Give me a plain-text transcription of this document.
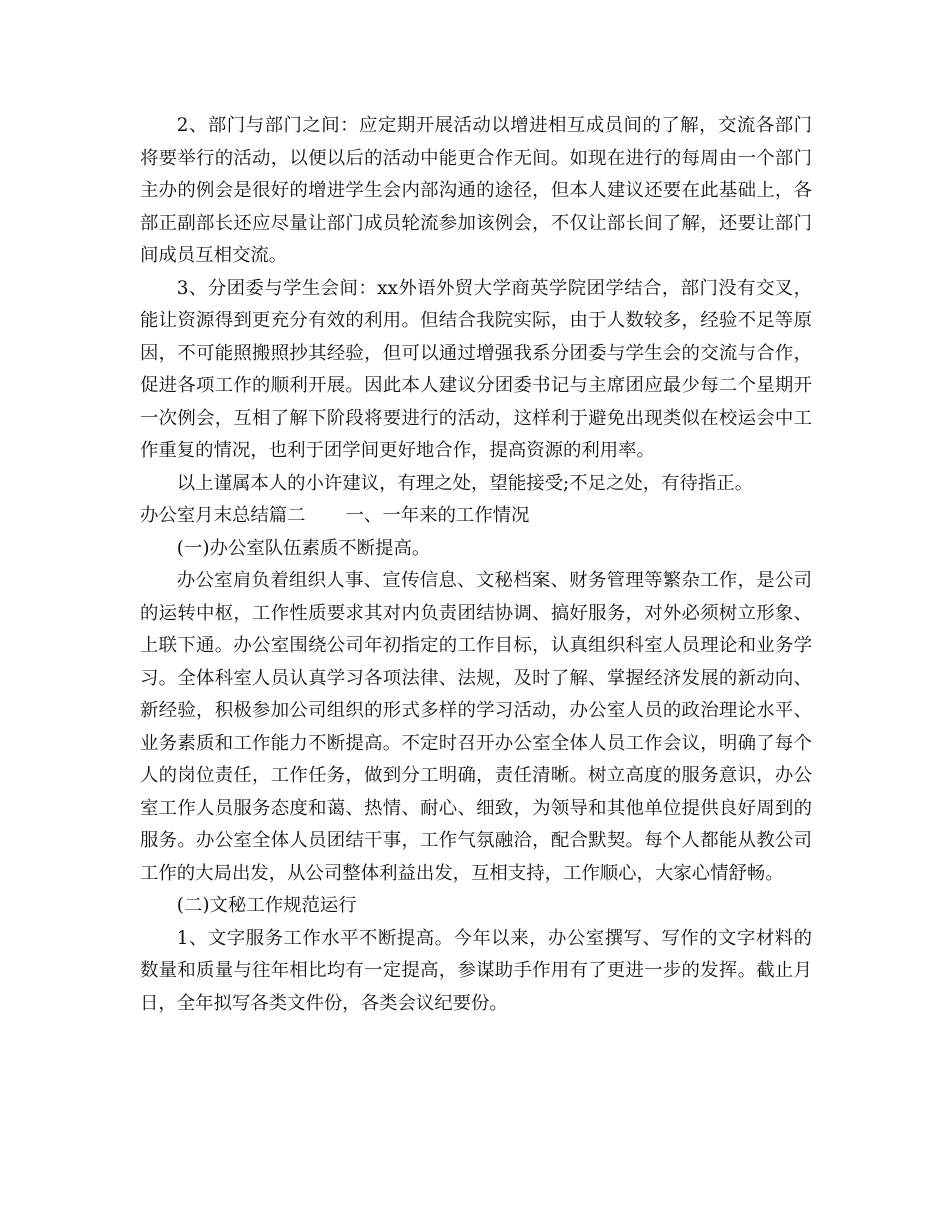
2、部门与部门之间：应定期开展活动以增进相互成员间的了解，交流各部门将要举行的活动，以便以后的活动中能更合作无间。如现在进行的每周由一个部门主办的例会是很好的增进学生会内部沟通的途径，但本人建议还要在此基础上，各部正副部长还应尽量让部门成员轮流参加该例会，不仅让部长间了解，还要让部门间成员互相交流。

3、分团委与学生会间：xx外语外贸大学商英学院团学结合，部门没有交叉，能让资源得到更充分有效的利用。但结合我院实际，由于人数较多，经验不足等原因，不可能照搬照抄其经验，但可以通过增强我系分团委与学生会的交流与合作，促进各项工作的顺利开展。因此本人建议分团委书记与主席团应最少每二个星期开一次例会，互相了解下阶段将要进行的活动，这样利于避免出现类似在校运会中工作重复的情况，也利于团学间更好地合作，提高资源的利用率。

以上谨属本人的小许建议，有理之处，望能接受;不足之处，有待指正。

办公室月末总结篇二 一、一年来的工作情况

(一)办公室队伍素质不断提高。

办公室肩负着组织人事、宣传信息、文秘档案、财务管理等繁杂工作，是公司的运转中枢，工作性质要求其对内负责团结协调、搞好服务，对外必须树立形象、上联下通。办公室围绕公司年初指定的工作目标，认真组织科室人员理论和业务学习。全体科室人员认真学习各项法律、法规，及时了解、掌握经济发展的新动向、新经验，积极参加公司组织的形式多样的学习活动，办公室人员的政治理论水平、业务素质和工作能力不断提高。不定时召开办公室全体人员工作会议，明确了每个人的岗位责任，工作任务，做到分工明确，责任清晰。树立高度的服务意识，办公室工作人员服务态度和蔼、热情、耐心、细致，为领导和其他单位提供良好周到的服务。办公室全体人员团结干事，工作气氛融洽，配合默契。每个人都能从教公司工作的大局出发，从公司整体利益出发，互相支持，工作顺心，大家心情舒畅。

(二)文秘工作规范运行

1、文字服务工作水平不断提高。今年以来，办公室撰写、写作的文字材料的数量和质量与往年相比均有一定提高，参谋助手作用有了更进一步的发挥。截止月日，全年拟写各类文件份，各类会议纪要份。
